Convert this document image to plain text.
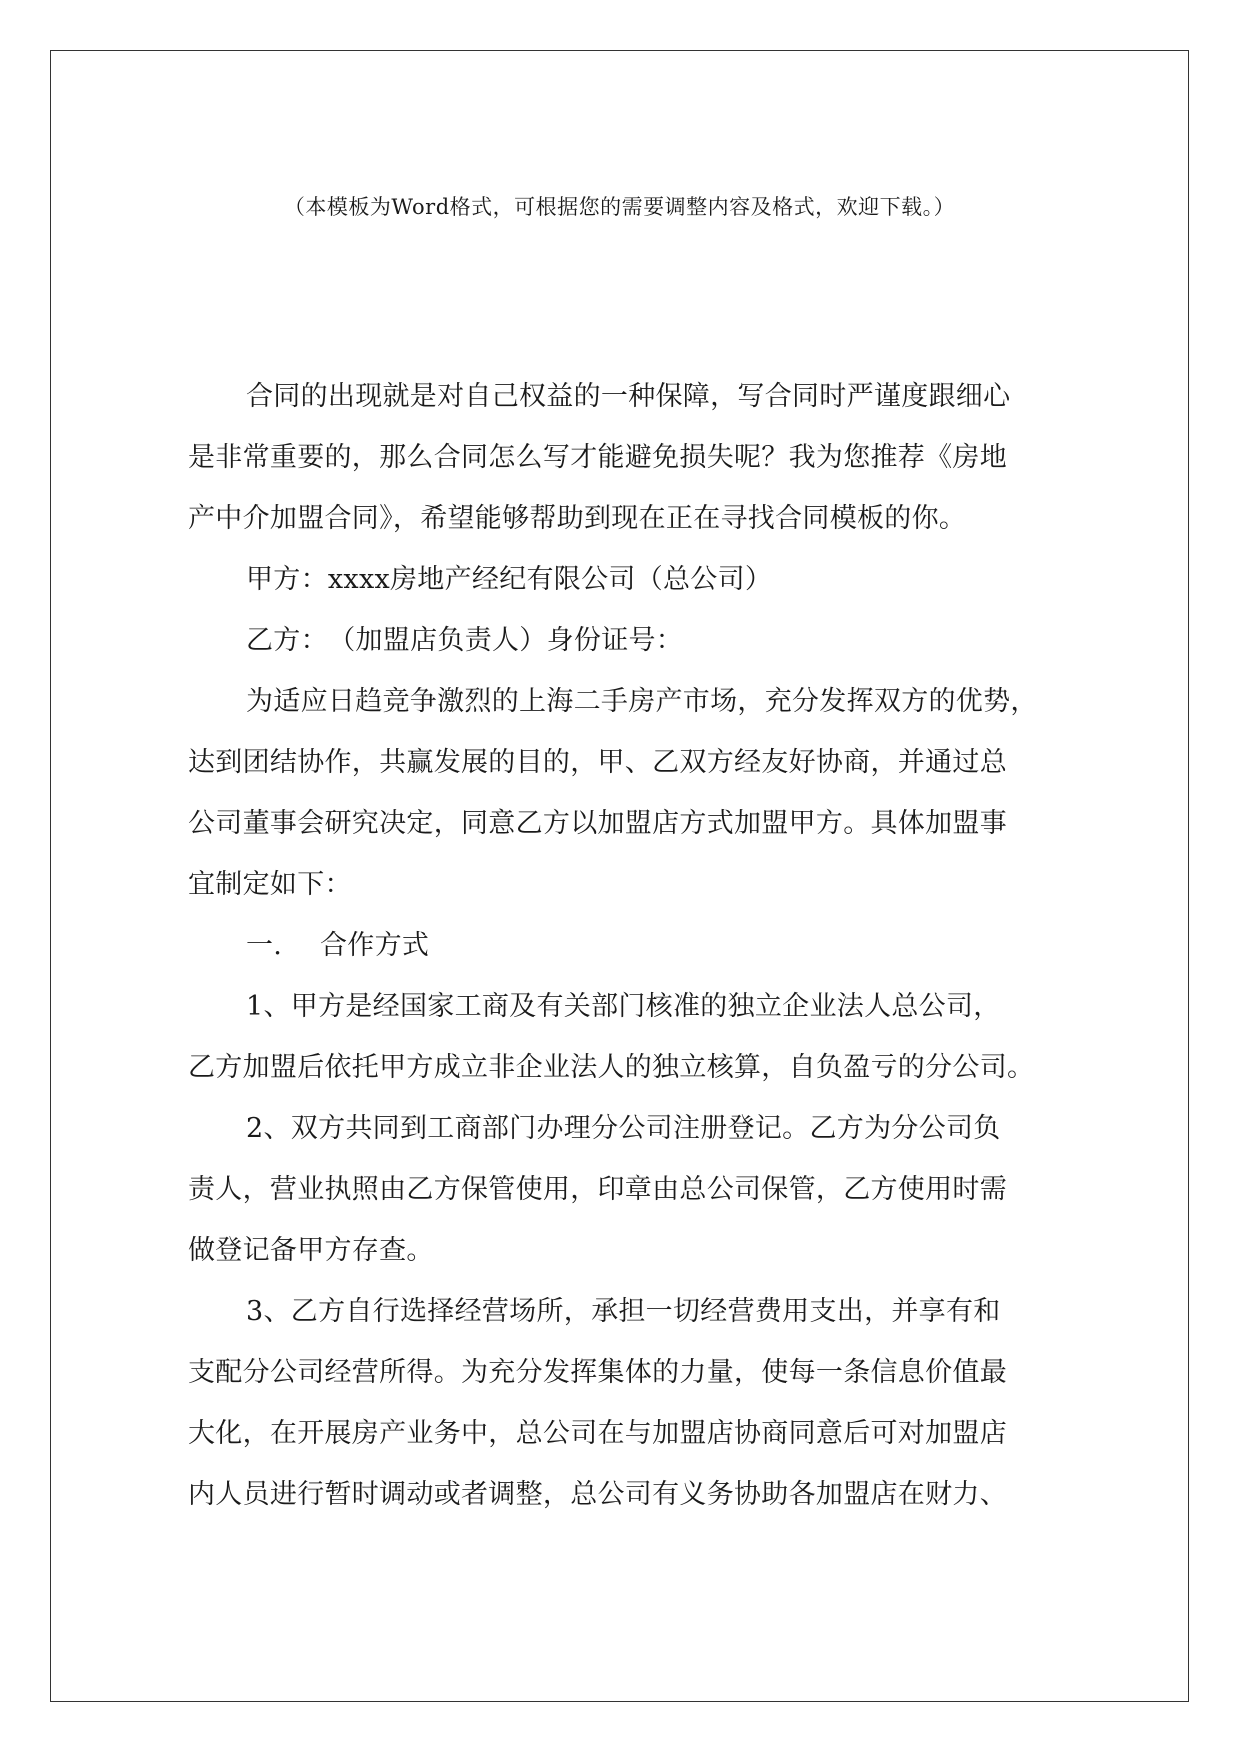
（本模板为Word格式，可根据您的需要调整内容及格式，欢迎下载。）
合同的出现就是对自己权益的一种保障，写合同时严谨度跟细心
是非常重要的，那么合同怎么写才能避免损失呢？我为您推荐《房地
产中介加盟合同》，希望能够帮助到现在正在寻找合同模板的你。
甲方：xxxx房地产经纪有限公司（总公司）
乙方：　（加盟店负责人）身份证号：
为适应日趋竞争激烈的上海二手房产市场，充分发挥双方的优势，
达到团结协作，共赢发展的目的，甲、乙双方经友好协商，并通过总
公司董事会研究决定，同意乙方以加盟店方式加盟甲方。具体加盟事
宜制定如下：
一. 合作方式
1、甲方是经国家工商及有关部门核准的独立企业法人总公司，
乙方加盟后依托甲方成立非企业法人的独立核算，自负盈亏的分公司。
2、双方共同到工商部门办理分公司注册登记。乙方为分公司负
责人，营业执照由乙方保管使用，印章由总公司保管，乙方使用时需
做登记备甲方存查。
3、乙方自行选择经营场所，承担一切经营费用支出，并享有和
支配分公司经营所得。为充分发挥集体的力量，使每一条信息价值最
大化，在开展房产业务中，总公司在与加盟店协商同意后可对加盟店
内人员进行暂时调动或者调整，总公司有义务协助各加盟店在财力、
